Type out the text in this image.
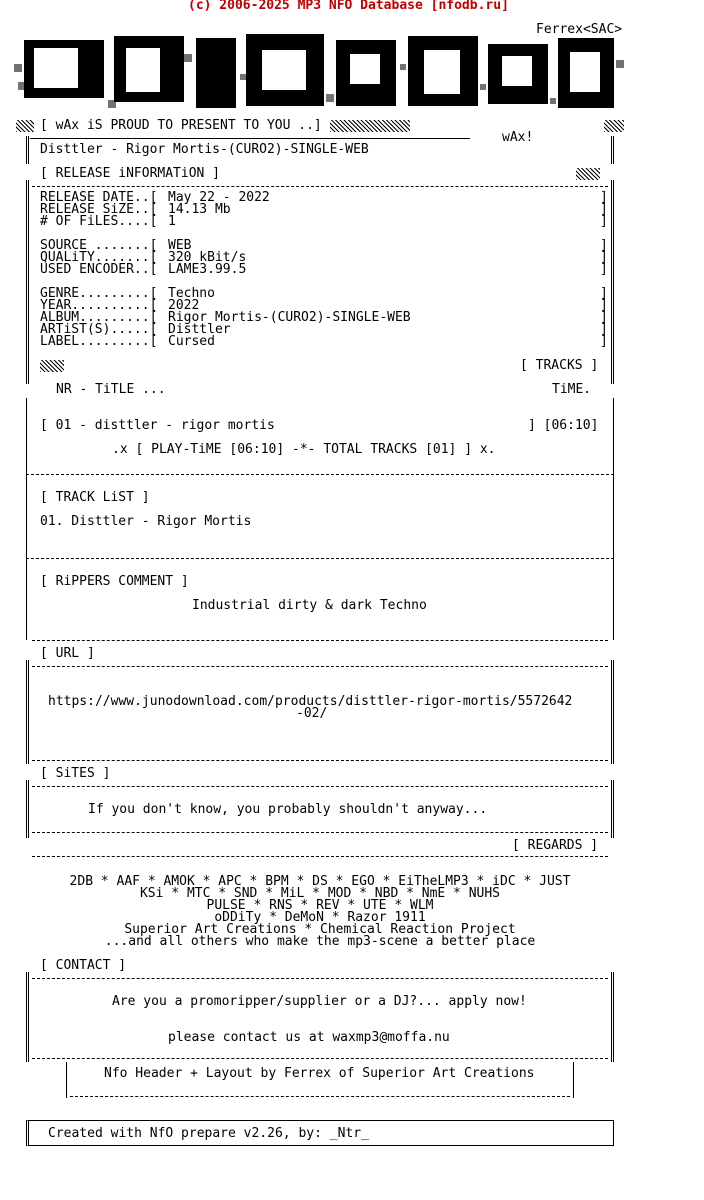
(c) 2006-2025 MP3 NFO Database [nfodb.ru]
Ferrex<SAC>
[ wAx iS PROUD TO PRESENT TO YOU ..]
wAx!
Disttler - Rigor Mortis-(CURO2)-SINGLE-WEB
[ RELEASE iNFORMATiON ]
RELEASE DATE..[ May 22 - 2022	]
RELEASE SiZE..[ 14.13 Mb	]
# OF FiLES....[ 1	]
SOURCE .......[ WEB	]
QUALiTY.......[ 320 kBit/s	]
USED ENCODER..[ LAME3.99.5	]
GENRE.........[ Techno	]
YEAR..........[ 2022	]
ALBUM.........[ Rigor Mortis-(CURO2)-SINGLE-WEB	]
ARTiST(S).....[ Disttler	]
LABEL.........[ Cursed	]
[ TRACKS ]
NR - TiTLE ...	TiME.
[ 01 - disttler - rigor mortis	] [06:10]
.x [ PLAY-TiME [06:10] -*- TOTAL TRACKS [01] ] x.
[ TRACK LiST ]
01. Disttler - Rigor Mortis
[ RiPPERS COMMENT ]
Industrial dirty & dark Techno
[ URL ]
https://www.junodownload.com/products/disttler-rigor-mortis/5572642
-02/
[ SiTES ]
If you don't know, you probably shouldn't anyway...
[ REGARDS ]
2DB * AAF * AMOK * APC * BPM * DS * EGO * EiTheLMP3 * iDC * JUST
KSi * MTC * SND * MiL * MOD * NBD * NmE * NUHS
PULSE * RNS * REV * UTE * WLM
oDDiTy * DeMoN * Razor 1911
Superior Art Creations * Chemical Reaction Project
...and all others who make the mp3-scene a better place
[ CONTACT ]
Are you a promoripper/supplier or a DJ?... apply now!
please contact us at waxmp3@moffa.nu
Nfo Header + Layout by Ferrex of Superior Art Creations
Created with NfO prepare v2.26, by: _Ntr_
